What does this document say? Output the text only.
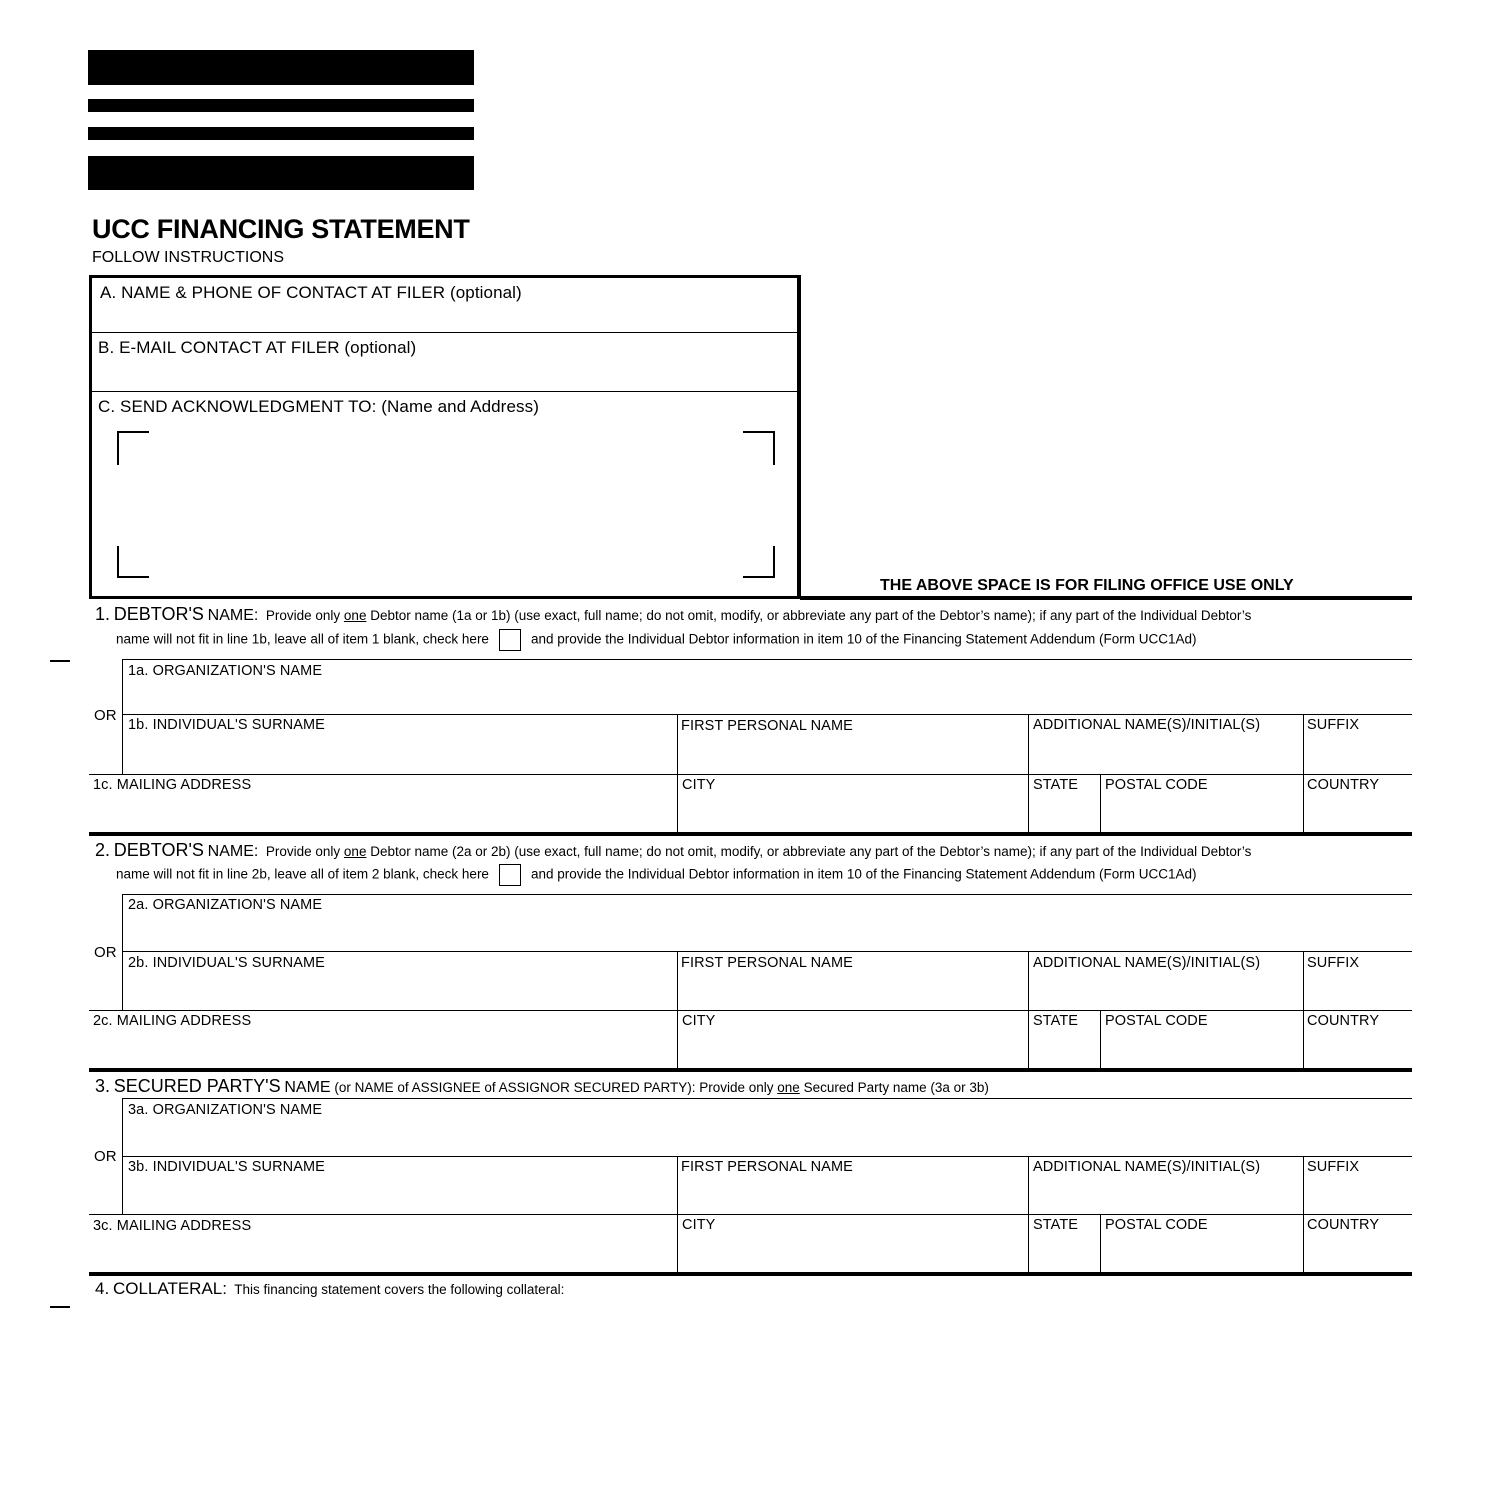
UCC FINANCING STATEMENT
FOLLOW INSTRUCTIONS
A. NAME & PHONE OF CONTACT AT FILER (optional)
B. E-MAIL CONTACT AT FILER (optional)
C. SEND ACKNOWLEDGMENT TO: (Name and Address)
THE ABOVE SPACE IS FOR FILING OFFICE USE ONLY
1. DEBTOR'S NAME: Provide only one Debtor name (1a or 1b) (use exact, full name; do not omit, modify, or abbreviate any part of the Debtor’s name); if any part of the Individual Debtor’s
name will not fit in line 1b, leave all of item 1 blank, check here	and provide the Individual Debtor information in item 10 of the Financing Statement Addendum (Form UCC1Ad)
1a. ORGANIZATION'S NAME
OR
1b. INDIVIDUAL'S SURNAME	FIRST PERSONAL NAME	ADDITIONAL NAME(S)/INITIAL(S)	SUFFIX
1c. MAILING ADDRESS	CITY	STATE POSTAL CODE	COUNTRY
2. DEBTOR'S NAME: Provide only one Debtor name (2a or 2b) (use exact, full name; do not omit, modify, or abbreviate any part of the Debtor’s name); if any part of the Individual Debtor’s
name will not fit in line 2b, leave all of item 2 blank, check here	and provide the Individual Debtor information in item 10 of the Financing Statement Addendum (Form UCC1Ad)
2a. ORGANIZATION'S NAME
OR
2b. INDIVIDUAL'S SURNAME	FIRST PERSONAL NAME	ADDITIONAL NAME(S)/INITIAL(S)	SUFFIX
2c. MAILING ADDRESS	CITY	STATE POSTAL CODE	COUNTRY
3. SECURED PARTY'S NAME (or NAME of ASSIGNEE of ASSIGNOR SECURED PARTY): Provide only one Secured Party name (3a or 3b)
3a. ORGANIZATION'S NAME
OR
3b. INDIVIDUAL'S SURNAME	FIRST PERSONAL NAME	ADDITIONAL NAME(S)/INITIAL(S)	SUFFIX
3c. MAILING ADDRESS	CITY	STATE POSTAL CODE	COUNTRY
4. COLLATERAL: This financing statement covers the following collateral:
